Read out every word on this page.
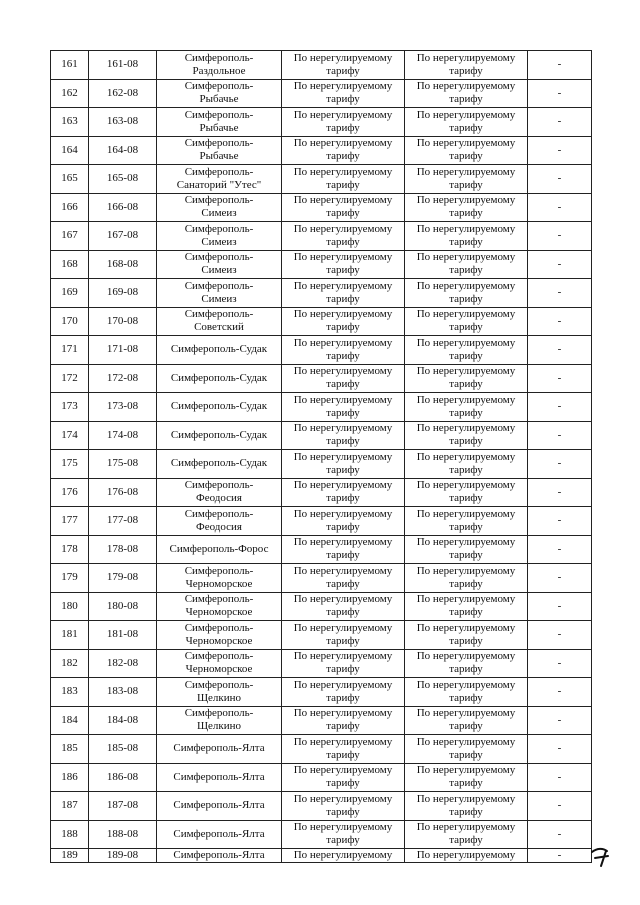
161	161-08	Симферополь-
Раздольное	По нерегулируемому
тарифу	По нерегулируемому
тарифу	-
162	162-08	Симферополь-
Рыбачье	По нерегулируемому
тарифу	По нерегулируемому
тарифу	-
163	163-08	Симферополь-
Рыбачье	По нерегулируемому
тарифу	По нерегулируемому
тарифу	-
164	164-08	Симферополь-
Рыбачье	По нерегулируемому
тарифу	По нерегулируемому
тарифу	-
165	165-08	Симферополь-
Санаторий "Утес"	По нерегулируемому
тарифу	По нерегулируемому
тарифу	-
166	166-08	Симферополь-
Симеиз	По нерегулируемому
тарифу	По нерегулируемому
тарифу	-
167	167-08	Симферополь-
Симеиз	По нерегулируемому
тарифу	По нерегулируемому
тарифу	-
168	168-08	Симферополь-
Симеиз	По нерегулируемому
тарифу	По нерегулируемому
тарифу	-
169	169-08	Симферополь-
Симеиз	По нерегулируемому
тарифу	По нерегулируемому
тарифу	-
170	170-08	Симферополь-
Советский	По нерегулируемому
тарифу	По нерегулируемому
тарифу	-
171	171-08	Симферополь-Судак	По нерегулируемому
тарифу	По нерегулируемому
тарифу	-
172	172-08	Симферополь-Судак	По нерегулируемому
тарифу	По нерегулируемому
тарифу	-
173	173-08	Симферополь-Судак	По нерегулируемому
тарифу	По нерегулируемому
тарифу	-
174	174-08	Симферополь-Судак	По нерегулируемому
тарифу	По нерегулируемому
тарифу	-
175	175-08	Симферополь-Судак	По нерегулируемому
тарифу	По нерегулируемому
тарифу	-
176	176-08	Симферополь-
Феодосия	По нерегулируемому
тарифу	По нерегулируемому
тарифу	-
177	177-08	Симферополь-
Феодосия	По нерегулируемому
тарифу	По нерегулируемому
тарифу	-
178	178-08	Симферополь-Форос	По нерегулируемому
тарифу	По нерегулируемому
тарифу	-
179	179-08	Симферополь-
Черноморское	По нерегулируемому
тарифу	По нерегулируемому
тарифу	-
180	180-08	Симферополь-
Черноморское	По нерегулируемому
тарифу	По нерегулируемому
тарифу	-
181	181-08	Симферополь-
Черноморское	По нерегулируемому
тарифу	По нерегулируемому
тарифу	-
182	182-08	Симферополь-
Черноморское	По нерегулируемому
тарифу	По нерегулируемому
тарифу	-
183	183-08	Симферополь-
Щелкино	По нерегулируемому
тарифу	По нерегулируемому
тарифу	-
184	184-08	Симферополь-
Щелкино	По нерегулируемому
тарифу	По нерегулируемому
тарифу	-
185	185-08	Симферополь-Ялта	По нерегулируемому
тарифу	По нерегулируемому
тарифу	-
186	186-08	Симферополь-Ялта	По нерегулируемому
тарифу	По нерегулируемому
тарифу	-
187	187-08	Симферополь-Ялта	По нерегулируемому
тарифу	По нерегулируемому
тарифу	-
188	188-08	Симферополь-Ялта	По нерегулируемому
тарифу	По нерегулируемому
тарифу	-
189	189-08	Симферополь-Ялта	По нерегулируемому	По нерегулируемому	-
